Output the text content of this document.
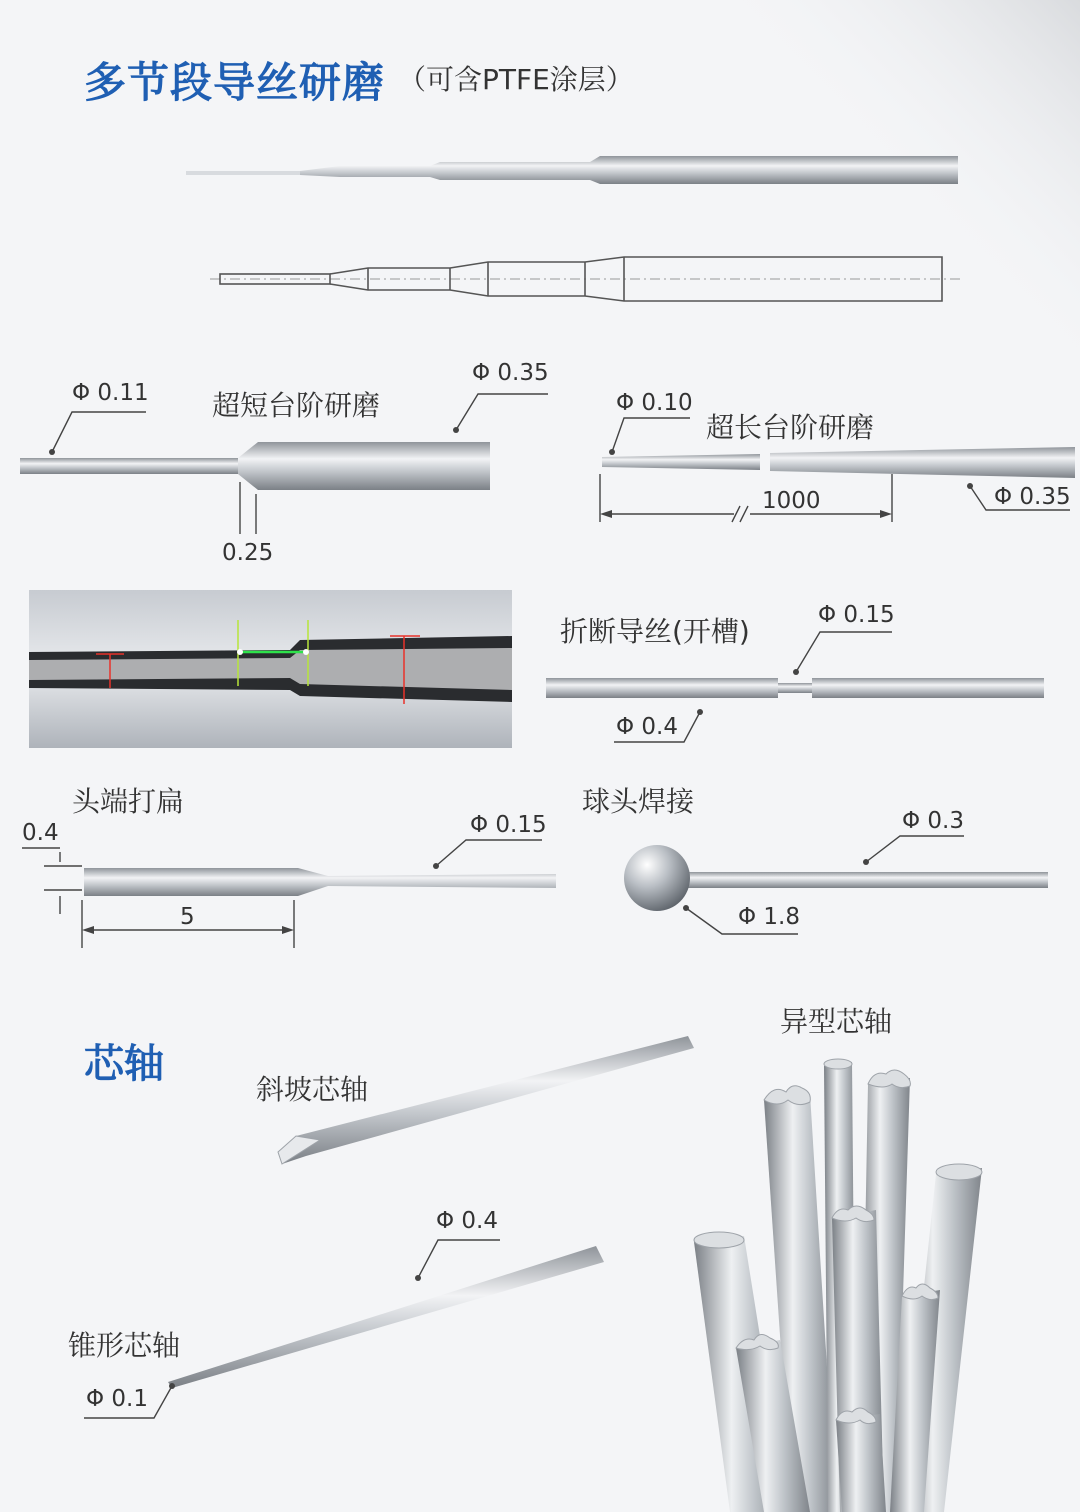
多节段导丝研磨 （可含PTFE涂层）
超短台阶研磨
Φ 0.11
Φ 0.35
0.25
超长台阶研磨
Φ 0.10
Φ 0.35
1000
折断导丝(开槽)	Φ 0.15
Φ 0.4
头端打扁
0.4	Φ 0.15
5
球头焊接
Φ 0.3
Φ 1.8
芯轴
斜坡芯轴
锥形芯轴
Φ 0.4
Φ 0.1
异型芯轴
